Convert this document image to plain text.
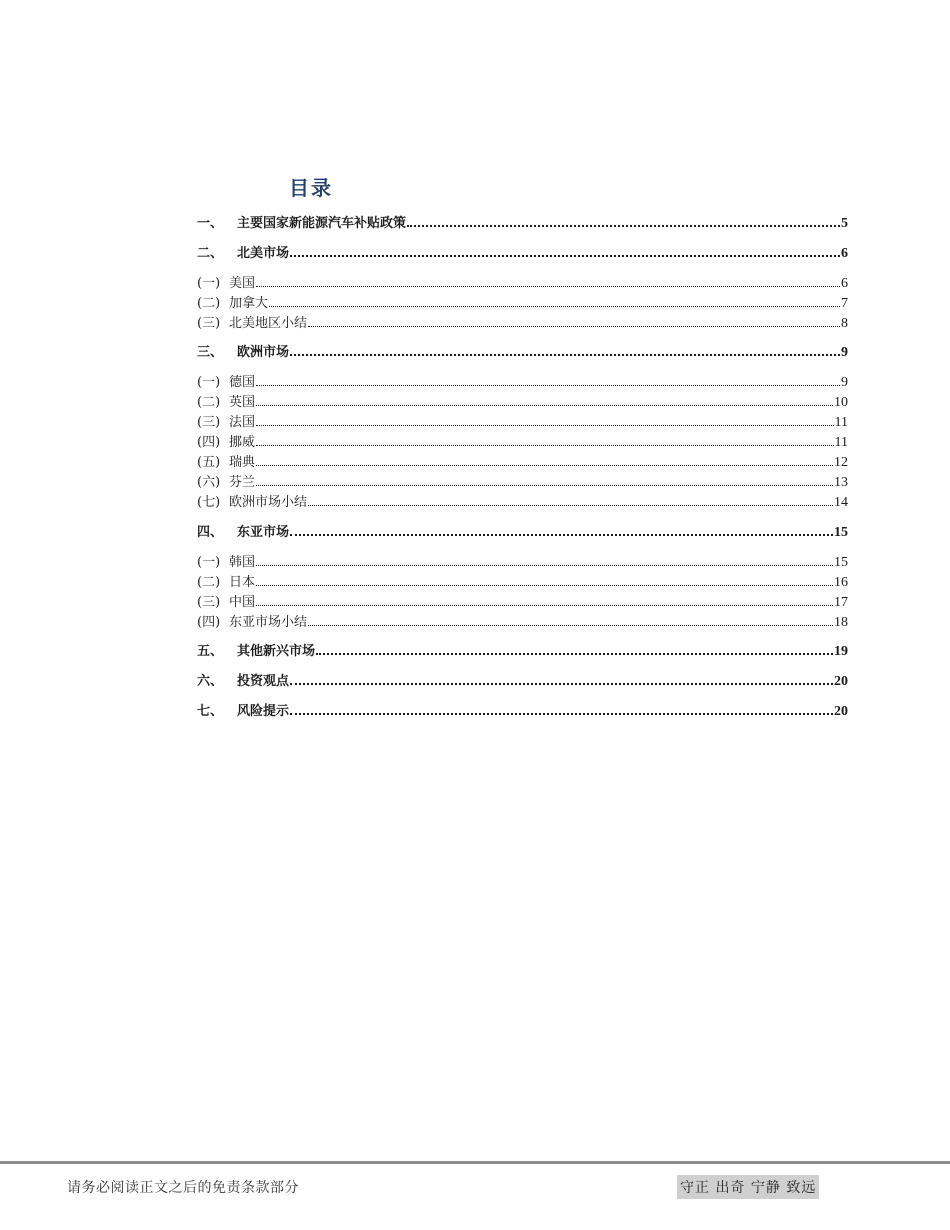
目录
一、	主要国家新能源汽车补贴政策	5
二、	北美市场	6
(一) 美国	6
(二) 加拿大	7
(三) 北美地区小结	8
三、	欧洲市场	9
(一) 德国	9
(二) 英国	10
(三) 法国	11
(四) 挪威	11
(五) 瑞典	12
(六) 芬兰	13
(七) 欧洲市场小结	14
四、	东亚市场	15
(一) 韩国	15
(二) 日本	16
(三) 中国	17
(四) 东亚市场小结	18
五、	其他新兴市场	19
六、	投资观点	20
七、	风险提示	20
请务必阅读正文之后的免责条款部分	守正 出奇 宁静 致远
